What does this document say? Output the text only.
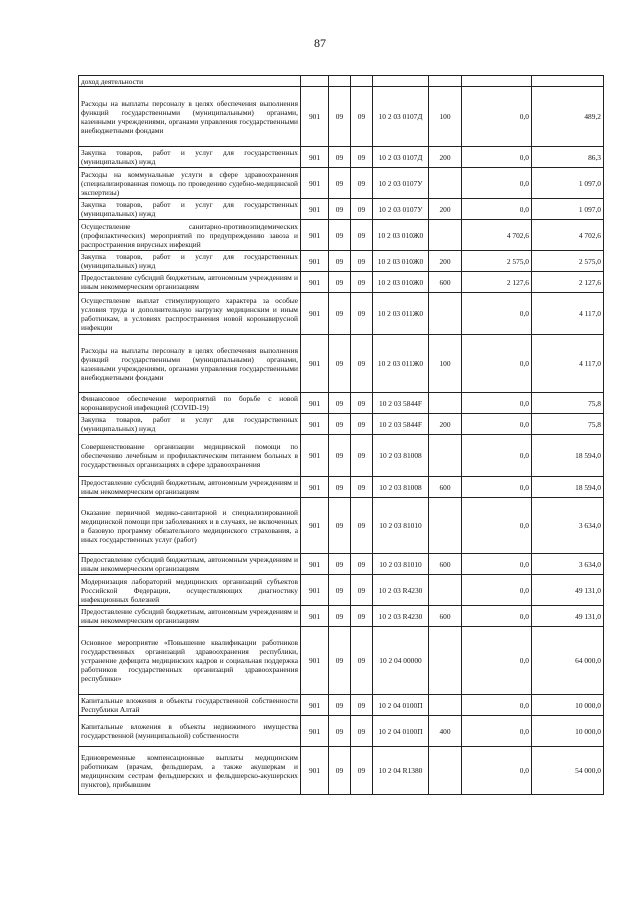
87
доход деятельности							
Расходы на выплаты персоналу в целях обеспечения выполнения функций государственными (муниципальными) органами, казенными учреждениями, органами управления государственными внебюджетными фондами	901	09	09	10 2 03 0107Д	100	0,0	489,2
Закупка товаров, работ и услуг для государственных (муниципальных) нужд	901	09	09	10 2 03 0107Д	200	0,0	86,3
Расходы на коммунальные услуги в сфере здравоохранения (специализированная помощь по проведению судебно-медицинской экспертизы)	901	09	09	10 2 03 0107У		0,0	1 097,0
Закупка товаров, работ и услуг для государственных (муниципальных) нужд	901	09	09	10 2 03 0107У	200	0,0	1 097,0
Осуществление санитарно-противоэпидемических (профилактических) мероприятий по предупреждению завоза и распространения вирусных инфекций	901	09	09	10 2 03 010Ж0		4 702,6	4 702,6
Закупка товаров, работ и услуг для государственных (муниципальных) нужд	901	09	09	10 2 03 010Ж0	200	2 575,0	2 575,0
Предоставление субсидий бюджетным, автономным учреждениям и иным некоммерческим организациям	901	09	09	10 2 03 010Ж0	600	2 127,6	2 127,6
Осуществление выплат стимулирующего характера за особые условия труда и дополнительную нагрузку медицинским и иным работникам, в условиях распространения новой коронавирусной инфекции	901	09	09	10 2 03 011Ж0		0,0	4 117,0
Расходы на выплаты персоналу в целях обеспечения выполнения функций государственными (муниципальными) органами, казенными учреждениями, органами управления государственными внебюджетными фондами	901	09	09	10 2 03 011Ж0	100	0,0	4 117,0
Финансовое обеспечение мероприятий по борьбе с новой коронавирусной инфекцией (COVID-19)	901	09	09	10 2 03 5844F		0,0	75,8
Закупка товаров, работ и услуг для государственных (муниципальных) нужд	901	09	09	10 2 03 5844F	200	0,0	75,8
Совершенствование организации медицинской помощи по обеспечению лечебным и профилактическим питанием больных в государственных организациях в сфере здравоохранения	901	09	09	10 2 03 81008		0,0	18 594,0
Предоставление субсидий бюджетным, автономным учреждениям и иным некоммерческим организациям	901	09	09	10 2 03 81008	600	0,0	18 594,0
Оказание первичной медико-санитарной и специализированной медицинской помощи при заболеваниях и в случаях, не включенных в базовую программу обязательного медицинского страхования, а иных государственных услуг (работ)	901	09	09	10 2 03 81010		0,0	3 634,0
Предоставление субсидий бюджетным, автономным учреждениям и иным некоммерческим организациям	901	09	09	10 2 03 81010	600	0,0	3 634,0
Модернизация лабораторий медицинских организаций субъектов Российской Федерации, осуществляющих диагностику инфекционных болезней	901	09	09	10 2 03 R4230		0,0	49 131,0
Предоставление субсидий бюджетным, автономным учреждениям и иным некоммерческим организациям	901	09	09	10 2 03 R4230	600	0,0	49 131,0
Основное мероприятие «Повышение квалификации работников государственных организаций здравоохранения республики, устранение дефицита медицинских кадров и социальная поддержка работников государственных организаций здравоохранения республики»	901	09	09	10 2 04 00000		0,0	64 000,0
Капитальные вложения в объекты государственной собственности Республики Алтай	901	09	09	10 2 04 0100П		0,0	10 000,0
Капитальные вложения в объекты недвижимого имущества государственной (муниципальной) собственности	901	09	09	10 2 04 0100П	400	0,0	10 000,0
Единовременные компенсационные выплаты медицинским работникам (врачам, фельдшерам, а также акушеркам и медицинским сестрам фельдшерских и фельдшерско-акушерских пунктов), прибывшим	901	09	09	10 2 04 R1380		0,0	54 000,0
